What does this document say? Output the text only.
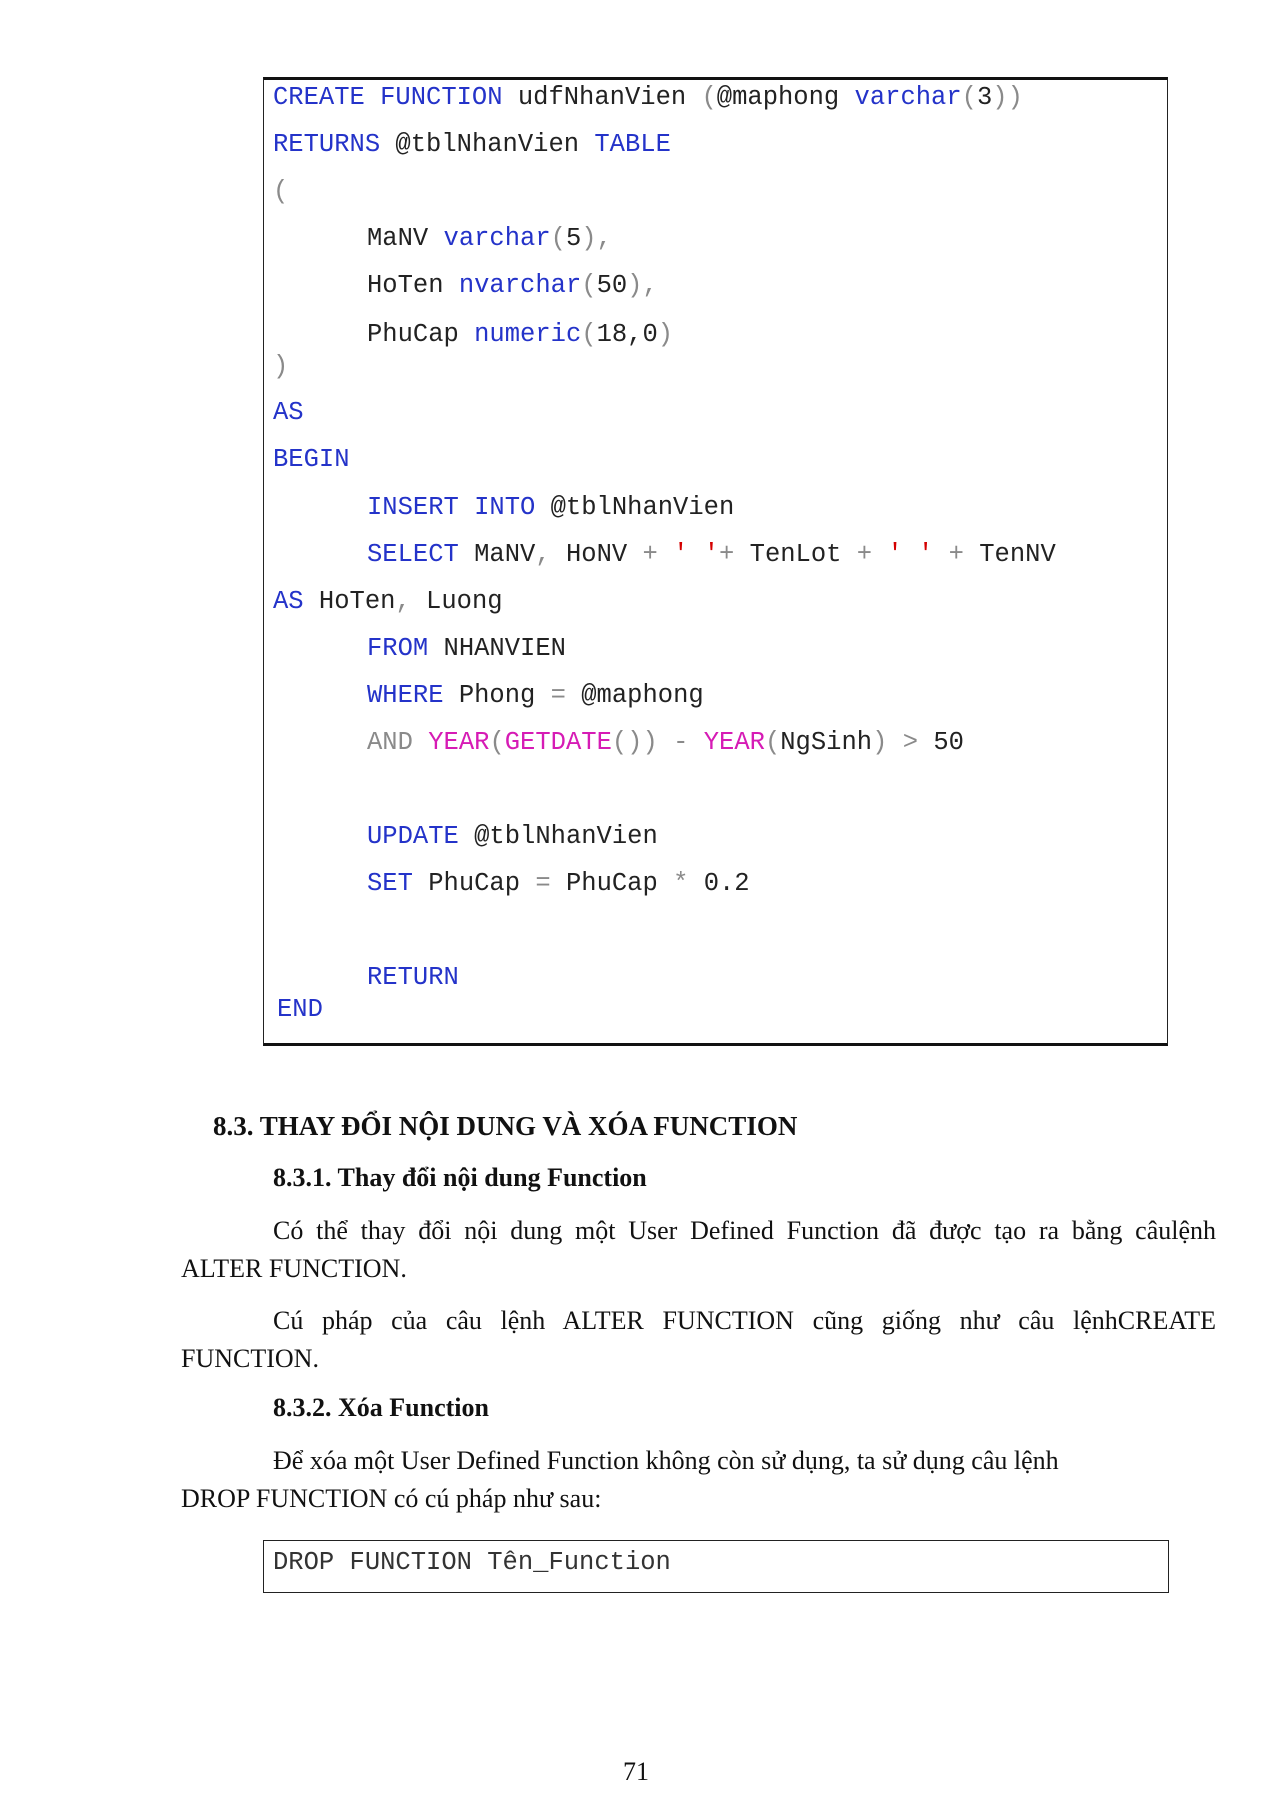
CREATE FUNCTION udfNhanVien (@maphong varchar(3))
RETURNS @tblNhanVien TABLE
(
MaNV varchar(5),
HoTen nvarchar(50),
PhuCap numeric(18,0)
)
AS
BEGIN
INSERT INTO @tblNhanVien
SELECT MaNV, HoNV + ' '+ TenLot + ' ' + TenNV
AS HoTen, Luong
FROM NHANVIEN
WHERE Phong = @maphong
AND YEAR(GETDATE()) - YEAR(NgSinh) > 50
UPDATE @tblNhanVien
SET PhuCap = PhuCap * 0.2
RETURN
END
8.3. THAY ĐỔI NỘI DUNG VÀ XÓA FUNCTION
8.3.1. Thay đổi nội dung Function
Có thể thay đổi nội dung một User Defined Function đã được tạo ra bằng câulệnh
ALTER FUNCTION.
Cú pháp của câu lệnh ALTER FUNCTION cũng giống như câu lệnhCREATE
FUNCTION.
8.3.2. Xóa Function
Để xóa một User Defined Function không còn sử dụng, ta sử dụng câu lệnh
DROP FUNCTION có cú pháp như sau:
DROP FUNCTION Tên_Function
71
